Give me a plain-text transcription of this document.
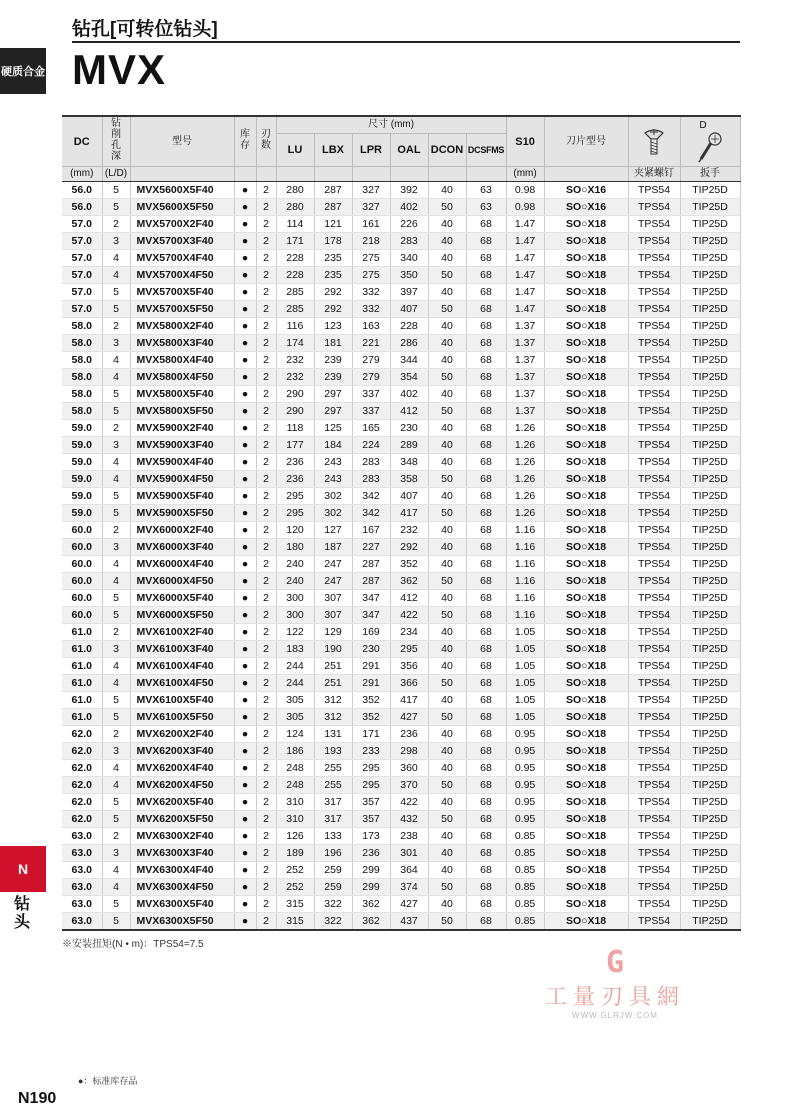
硬质合金
钻孔[可转位钻头]
MVX
DC	钻削孔深	型号	库存	刃数	尺寸 (mm)						S10	刀片型号		D

					LU	LBX	LPR	OAL	DCON	DCSFMS				
(mm)	(L/D)										(mm)		夹紧螺钉	扳手
56.0	5	MVX5600X5F40	●	2	280	287	327	392	40	63	0.98	SO○X16	TPS54	TIP25D
56.0	5	MVX5600X5F50	●	2	280	287	327	402	50	63	0.98	SO○X16	TPS54	TIP25D
57.0	2	MVX5700X2F40	●	2	114	121	161	226	40	68	1.47	SO○X18	TPS54	TIP25D
57.0	3	MVX5700X3F40	●	2	171	178	218	283	40	68	1.47	SO○X18	TPS54	TIP25D
57.0	4	MVX5700X4F40	●	2	228	235	275	340	40	68	1.47	SO○X18	TPS54	TIP25D
57.0	4	MVX5700X4F50	●	2	228	235	275	350	50	68	1.47	SO○X18	TPS54	TIP25D
57.0	5	MVX5700X5F40	●	2	285	292	332	397	40	68	1.47	SO○X18	TPS54	TIP25D
57.0	5	MVX5700X5F50	●	2	285	292	332	407	50	68	1.47	SO○X18	TPS54	TIP25D
58.0	2	MVX5800X2F40	●	2	116	123	163	228	40	68	1.37	SO○X18	TPS54	TIP25D
58.0	3	MVX5800X3F40	●	2	174	181	221	286	40	68	1.37	SO○X18	TPS54	TIP25D
58.0	4	MVX5800X4F40	●	2	232	239	279	344	40	68	1.37	SO○X18	TPS54	TIP25D
58.0	4	MVX5800X4F50	●	2	232	239	279	354	50	68	1.37	SO○X18	TPS54	TIP25D
58.0	5	MVX5800X5F40	●	2	290	297	337	402	40	68	1.37	SO○X18	TPS54	TIP25D
58.0	5	MVX5800X5F50	●	2	290	297	337	412	50	68	1.37	SO○X18	TPS54	TIP25D
59.0	2	MVX5900X2F40	●	2	118	125	165	230	40	68	1.26	SO○X18	TPS54	TIP25D
59.0	3	MVX5900X3F40	●	2	177	184	224	289	40	68	1.26	SO○X18	TPS54	TIP25D
59.0	4	MVX5900X4F40	●	2	236	243	283	348	40	68	1.26	SO○X18	TPS54	TIP25D
59.0	4	MVX5900X4F50	●	2	236	243	283	358	50	68	1.26	SO○X18	TPS54	TIP25D
59.0	5	MVX5900X5F40	●	2	295	302	342	407	40	68	1.26	SO○X18	TPS54	TIP25D
59.0	5	MVX5900X5F50	●	2	295	302	342	417	50	68	1.26	SO○X18	TPS54	TIP25D
60.0	2	MVX6000X2F40	●	2	120	127	167	232	40	68	1.16	SO○X18	TPS54	TIP25D
60.0	3	MVX6000X3F40	●	2	180	187	227	292	40	68	1.16	SO○X18	TPS54	TIP25D
60.0	4	MVX6000X4F40	●	2	240	247	287	352	40	68	1.16	SO○X18	TPS54	TIP25D
60.0	4	MVX6000X4F50	●	2	240	247	287	362	50	68	1.16	SO○X18	TPS54	TIP25D
60.0	5	MVX6000X5F40	●	2	300	307	347	412	40	68	1.16	SO○X18	TPS54	TIP25D
60.0	5	MVX6000X5F50	●	2	300	307	347	422	50	68	1.16	SO○X18	TPS54	TIP25D
61.0	2	MVX6100X2F40	●	2	122	129	169	234	40	68	1.05	SO○X18	TPS54	TIP25D
61.0	3	MVX6100X3F40	●	2	183	190	230	295	40	68	1.05	SO○X18	TPS54	TIP25D
61.0	4	MVX6100X4F40	●	2	244	251	291	356	40	68	1.05	SO○X18	TPS54	TIP25D
61.0	4	MVX6100X4F50	●	2	244	251	291	366	50	68	1.05	SO○X18	TPS54	TIP25D
61.0	5	MVX6100X5F40	●	2	305	312	352	417	40	68	1.05	SO○X18	TPS54	TIP25D
61.0	5	MVX6100X5F50	●	2	305	312	352	427	50	68	1.05	SO○X18	TPS54	TIP25D
62.0	2	MVX6200X2F40	●	2	124	131	171	236	40	68	0.95	SO○X18	TPS54	TIP25D
62.0	3	MVX6200X3F40	●	2	186	193	233	298	40	68	0.95	SO○X18	TPS54	TIP25D
62.0	4	MVX6200X4F40	●	2	248	255	295	360	40	68	0.95	SO○X18	TPS54	TIP25D
62.0	4	MVX6200X4F50	●	2	248	255	295	370	50	68	0.95	SO○X18	TPS54	TIP25D
62.0	5	MVX6200X5F40	●	2	310	317	357	422	40	68	0.95	SO○X18	TPS54	TIP25D
62.0	5	MVX6200X5F50	●	2	310	317	357	432	50	68	0.95	SO○X18	TPS54	TIP25D
63.0	2	MVX6300X2F40	●	2	126	133	173	238	40	68	0.85	SO○X18	TPS54	TIP25D
63.0	3	MVX6300X3F40	●	2	189	196	236	301	40	68	0.85	SO○X18	TPS54	TIP25D
63.0	4	MVX6300X4F40	●	2	252	259	299	364	40	68	0.85	SO○X18	TPS54	TIP25D
63.0	4	MVX6300X4F50	●	2	252	259	299	374	50	68	0.85	SO○X18	TPS54	TIP25D
63.0	5	MVX6300X5F40	●	2	315	322	362	427	40	68	0.85	SO○X18	TPS54	TIP25D
63.0	5	MVX6300X5F50	●	2	315	322	362	437	50	68	0.85	SO○X18	TPS54	TIP25D
※安装扭矩(N • m)：TPS54=7.5
G
工量刃具網
WWW.GLRJW.COM
N
钻头
●：标准库存品
N190
